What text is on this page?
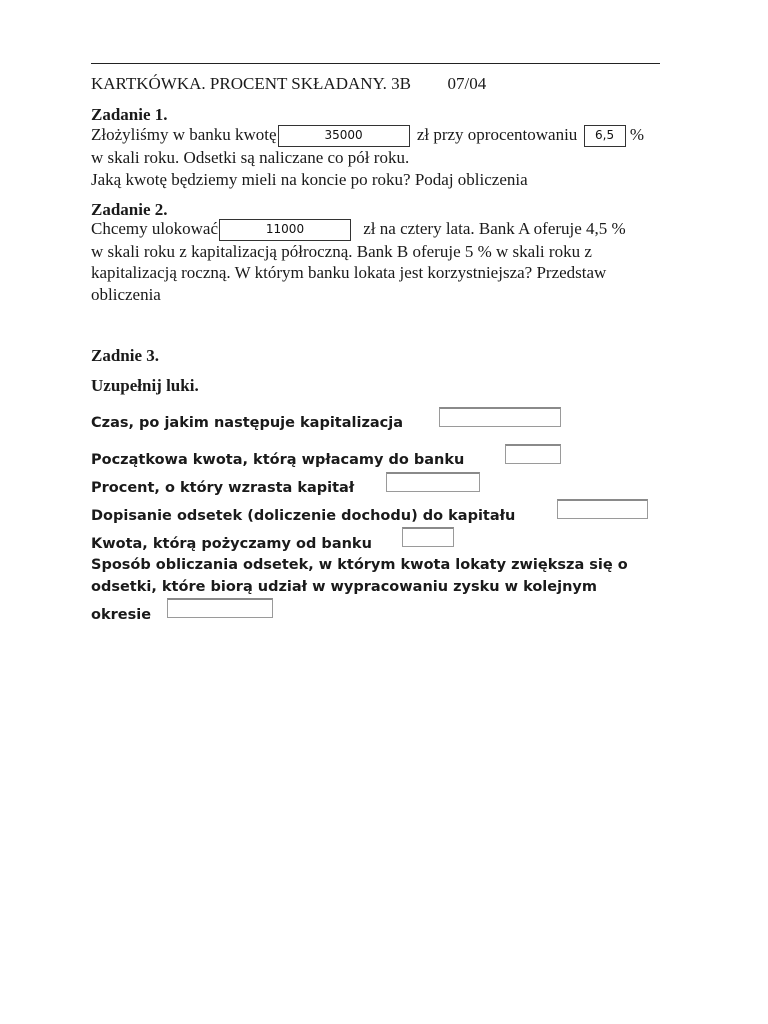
KARTKÓWKA. PROCENT SKŁADANY. 3B 07/04
Zadanie 1.
Złożyliśmy w banku kwotę	35000	zł przy oprocentowaniu 6,5 %
w skali roku. Odsetki są naliczane co pół roku.
Jaką kwotę będziemy mieli na koncie po roku? Podaj obliczenia
Zadanie 2.
Chcemy ulokować	11000	zł na cztery lata. Bank A oferuje 4,5 %
w skali roku z kapitalizacją półroczną. Bank B oferuje 5 % w skali roku z
kapitalizacją roczną. W którym banku lokata jest korzystniejsza? Przedstaw
obliczenia
Zadnie 3.
Uzupełnij luki.
Czas, po jakim następuje kapitalizacja
Początkowa kwota, którą wpłacamy do banku
Procent, o który wzrasta kapitał
Dopisanie odsetek (doliczenie dochodu) do kapitału
Kwota, którą pożyczamy od banku
Sposób obliczania odsetek, w którym kwota lokaty zwiększa się o
odsetki, które biorą udział w wypracowaniu zysku w kolejnym
okresie
